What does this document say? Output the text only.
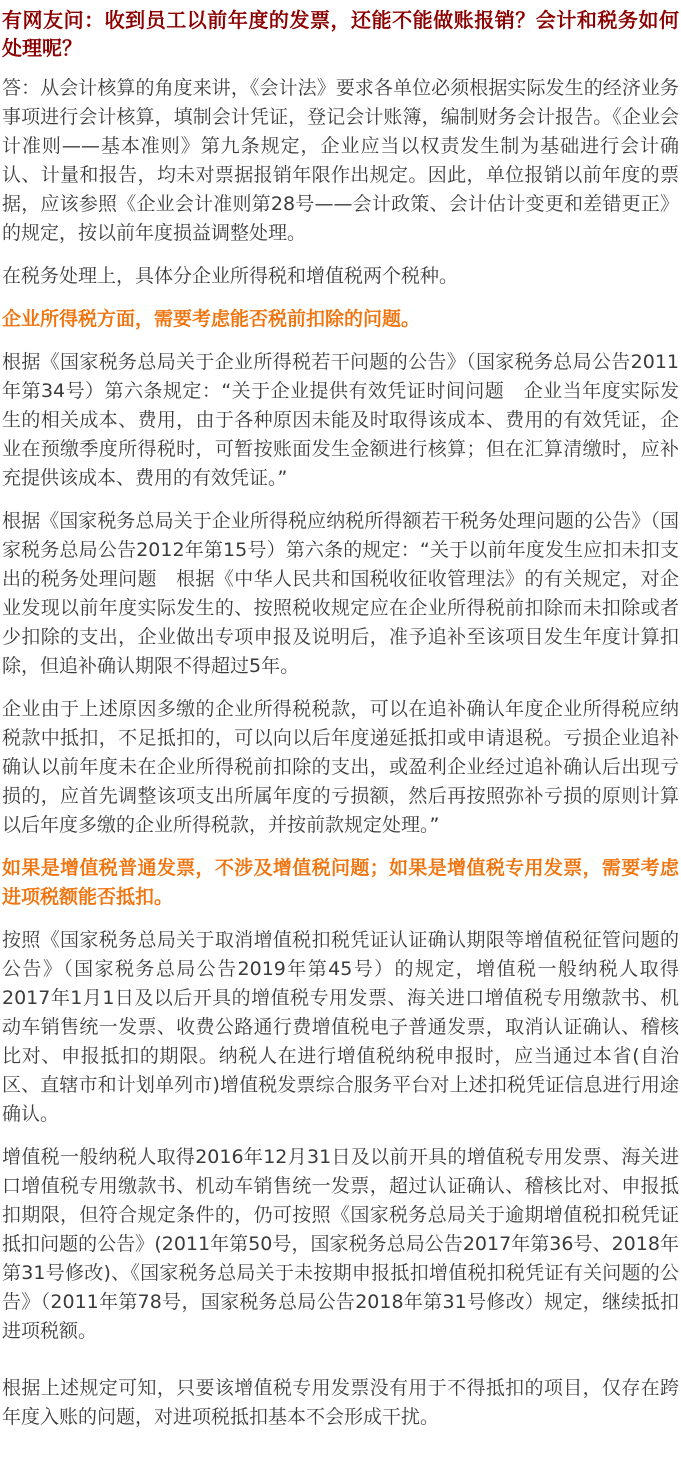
有网友问：收到员工以前年度的发票，还能不能做账报销？会计和税务如何处理呢？

答：从会计核算的角度来讲，《会计法》要求各单位必须根据实际发生的经济业务事项进行会计核算，填制会计凭证，登记会计账簿，编制财务会计报告。《企业会计准则——基本准则》第九条规定，企业应当以权责发生制为基础进行会计确认、计量和报告，均未对票据报销年限作出规定。因此，单位报销以前年度的票据，应该参照《企业会计准则第28号——会计政策、会计估计变更和差错更正》的规定，按以前年度损益调整处理。

在税务处理上，具体分企业所得税和增值税两个税种。

企业所得税方面，需要考虑能否税前扣除的问题。

根据《国家税务总局关于企业所得税若干问题的公告》（国家税务总局公告2011年第34号）第六条规定：“关于企业提供有效凭证时间问题　企业当年度实际发生的相关成本、费用，由于各种原因未能及时取得该成本、费用的有效凭证，企业在预缴季度所得税时，可暂按账面发生金额进行核算；但在汇算清缴时，应补充提供该成本、费用的有效凭证。”

根据《国家税务总局关于企业所得税应纳税所得额若干税务处理问题的公告》（国家税务总局公告2012年第15号）第六条的规定：“关于以前年度发生应扣未扣支出的税务处理问题　根据《中华人民共和国税收征收管理法》的有关规定，对企业发现以前年度实际发生的、按照税收规定应在企业所得税前扣除而未扣除或者少扣除的支出，企业做出专项申报及说明后，准予追补至该项目发生年度计算扣除，但追补确认期限不得超过5年。

企业由于上述原因多缴的企业所得税税款，可以在追补确认年度企业所得税应纳税款中抵扣，不足抵扣的，可以向以后年度递延抵扣或申请退税。亏损企业追补确认以前年度未在企业所得税前扣除的支出，或盈利企业经过追补确认后出现亏损的，应首先调整该项支出所属年度的亏损额，然后再按照弥补亏损的原则计算以后年度多缴的企业所得税款，并按前款规定处理。”

如果是增值税普通发票，不涉及增值税问题；如果是增值税专用发票，需要考虑进项税额能否抵扣。

按照《国家税务总局关于取消增值税扣税凭证认证确认期限等增值税征管问题的公告》（国家税务总局公告2019年第45号）的规定，增值税一般纳税人取得2017年1月1日及以后开具的增值税专用发票、海关进口增值税专用缴款书、机动车销售统一发票、收费公路通行费增值税电子普通发票，取消认证确认、稽核比对、申报抵扣的期限。纳税人在进行增值税纳税申报时，应当通过本省(自治区、直辖市和计划单列市)增值税发票综合服务平台对上述扣税凭证信息进行用途确认。

增值税一般纳税人取得2016年12月31日及以前开具的增值税专用发票、海关进口增值税专用缴款书、机动车销售统一发票，超过认证确认、稽核比对、申报抵扣期限，但符合规定条件的，仍可按照《国家税务总局关于逾期增值税扣税凭证抵扣问题的公告》(2011年第50号，国家税务总局公告2017年第36号、2018年第31号修改)、《国家税务总局关于未按期申报抵扣增值税扣税凭证有关问题的公告》（2011年第78号，国家税务总局公告2018年第31号修改）规定，继续抵扣进项税额。

根据上述规定可知，只要该增值税专用发票没有用于不得抵扣的项目，仅存在跨年度入账的问题，对进项税抵扣基本不会形成干扰。
